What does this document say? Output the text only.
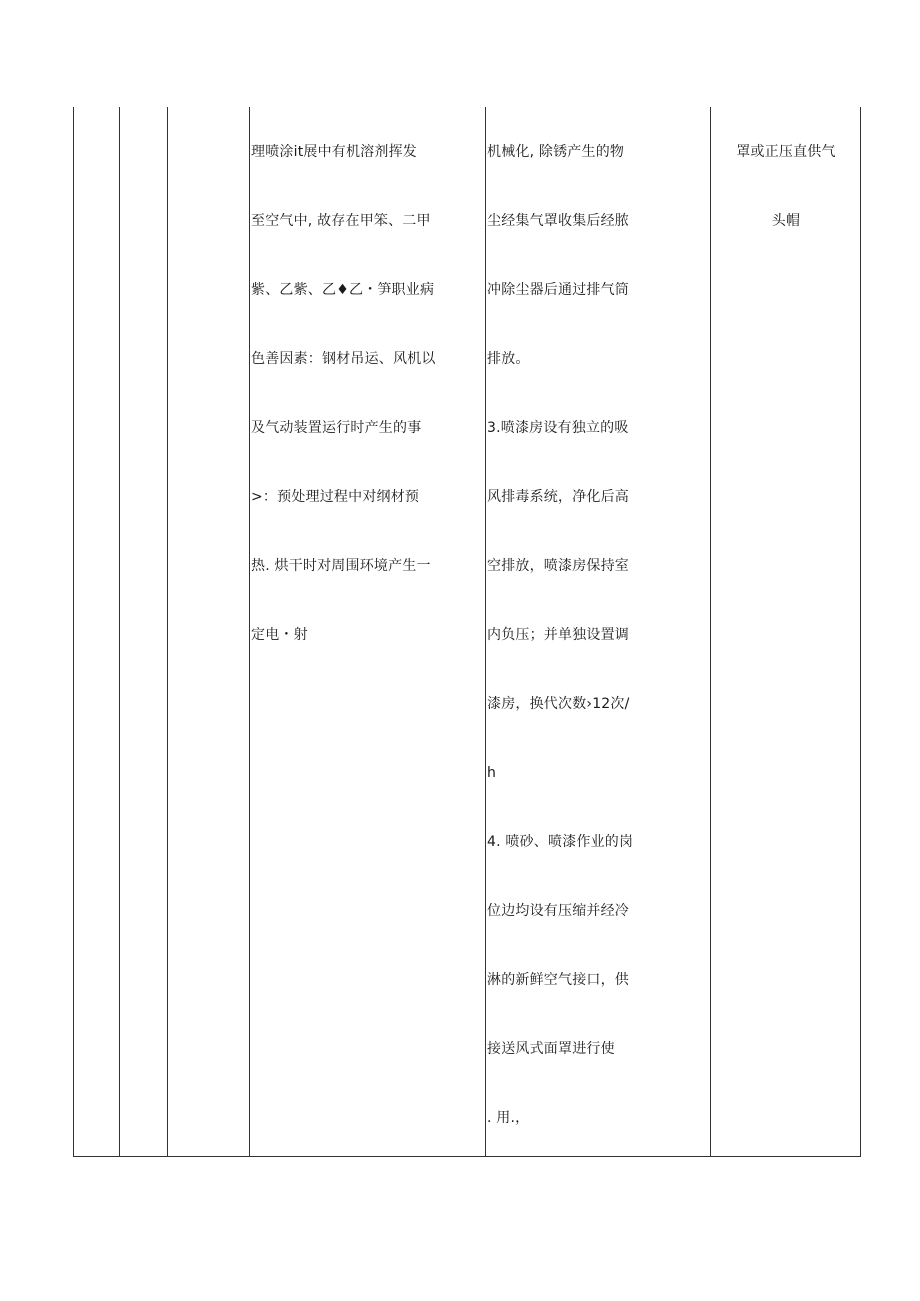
理喷涂it展中有机溶剂挥发
至空气中, 故存在甲笨、二甲
紫、乙紫、乙♦乙・笋职业病
色善因素：钢材吊运、风机以
及气动装置运行时产生的事
>：预处理过程中对纲材预
热. 烘干时对周围环境产生一
定电・射
机械化, 除锈产生的物
尘经集气罩收集后经脓
冲除尘器后通过排气筒
排放。
3.喷漆房设有独立的吸
风排毒系统，净化后高
空排放，喷漆房保持室
内负压；并单独设置调
漆房，换代次数›12次/
h
4. 喷砂、喷漆作业的岗
位边均设有压缩并经冷
淋的新鲜空气接口，供
接送风式面罩进行使
. 用.，
罩或正压直供气
头帽
